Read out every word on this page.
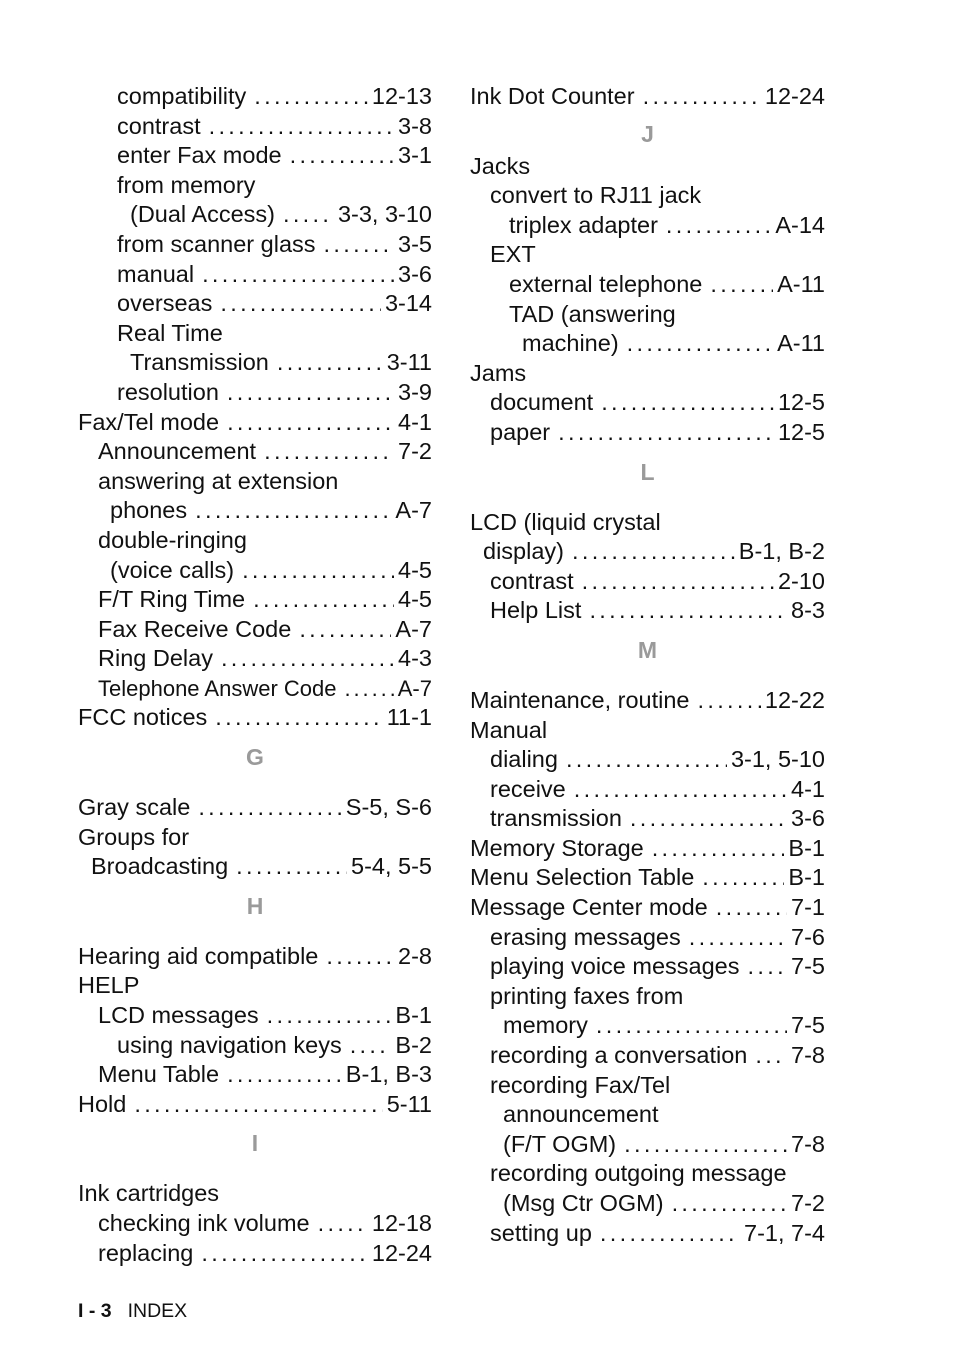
compatibility . . .	12-13
contrast . . .	3-8
enter Fax mode . . .	3-1
from memory
(Dual Access) . . .	3-3, 3-10
from scanner glass . . .	3-5
manual . . .	3-6
overseas . . .	3-14
Real Time
Transmission . . .	3-11
resolution . . .	3-9
Fax/Tel mode . . .	4-1
Announcement . . .	7-2
answering at extension
phones . . .	A-7
double-ringing
(voice calls) . . .	4-5
F/T Ring Time . . .	4-5
Fax Receive Code . . .	A-7
Ring Delay . . .	4-3
Telephone Answer Code . . .	A-7
FCC notices . . .	11-1
G
Gray scale . . .	S-5, S-6
Groups for
Broadcasting . . .	5-4, 5-5
H
Hearing aid compatible . . .	2-8
HELP
LCD messages . . .	B-1
using navigation keys . . .	B-2
Menu Table . . .	B-1, B-3
Hold . . .	5-11
I
Ink cartridges
checking ink volume . . .	12-18
replacing . . .	12-24
Ink Dot Counter . . .	12-24
J
Jacks
convert to RJ11 jack
triplex adapter . . .	A-14
EXT
external telephone . . .	A-11
TAD (answering
machine) . . .	A-11
Jams
document . . .	12-5
paper . . .	12-5
L
LCD (liquid crystal
display) . . .	B-1, B-2
contrast . . .	2-10
Help List . . .	8-3
M
Maintenance, routine . . .	12-22
Manual
dialing . . .	3-1, 5-10
receive . . .	4-1
transmission . . .	3-6
Memory Storage . . .	B-1
Menu Selection Table . . .	B-1
Message Center mode . . .	7-1
erasing messages . . .	7-6
playing voice messages . . .	7-5
printing faxes from
memory . . .	7-5
recording a conversation . . .	7-8
recording Fax/Tel
announcement
(F/T OGM) . . .	7-8
recording outgoing message
(Msg Ctr OGM) . . .	7-2
setting up . . .	7-1, 7-4
I - 3 INDEX
